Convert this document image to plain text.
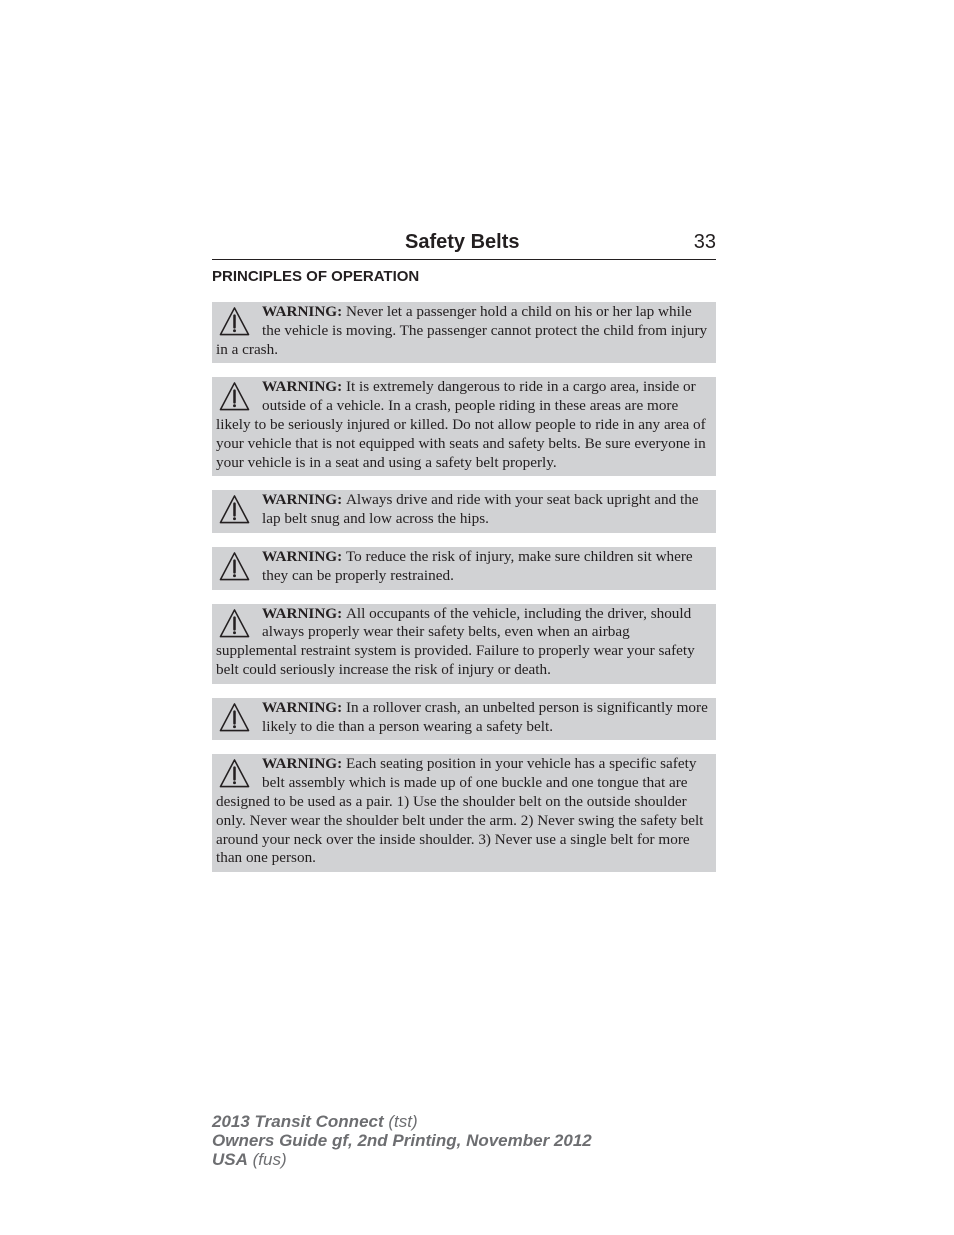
Safety Belts	33
PRINCIPLES OF OPERATION
WARNING: Never let a passenger hold a child on his or her lap while the vehicle is moving. The passenger cannot protect the child from injury in a crash.
WARNING: It is extremely dangerous to ride in a cargo area, inside or outside of a vehicle. In a crash, people riding in these areas are more likely to be seriously injured or killed. Do not allow people to ride in any area of your vehicle that is not equipped with seats and safety belts. Be sure everyone in your vehicle is in a seat and using a safety belt properly.
WARNING: Always drive and ride with your seat back upright and the lap belt snug and low across the hips.
WARNING: To reduce the risk of injury, make sure children sit where they can be properly restrained.
WARNING: All occupants of the vehicle, including the driver, should always properly wear their safety belts, even when an airbag supplemental restraint system is provided. Failure to properly wear your safety belt could seriously increase the risk of injury or death.
WARNING: In a rollover crash, an unbelted person is significantly more likely to die than a person wearing a safety belt.
WARNING: Each seating position in your vehicle has a specific safety belt assembly which is made up of one buckle and one tongue that are designed to be used as a pair. 1) Use the shoulder belt on the outside shoulder only. Never wear the shoulder belt under the arm. 2) Never swing the safety belt around your neck over the inside shoulder. 3) Never use a single belt for more than one person.
2013 Transit Connect (tst)
Owners Guide gf, 2nd Printing, November 2012
USA (fus)
